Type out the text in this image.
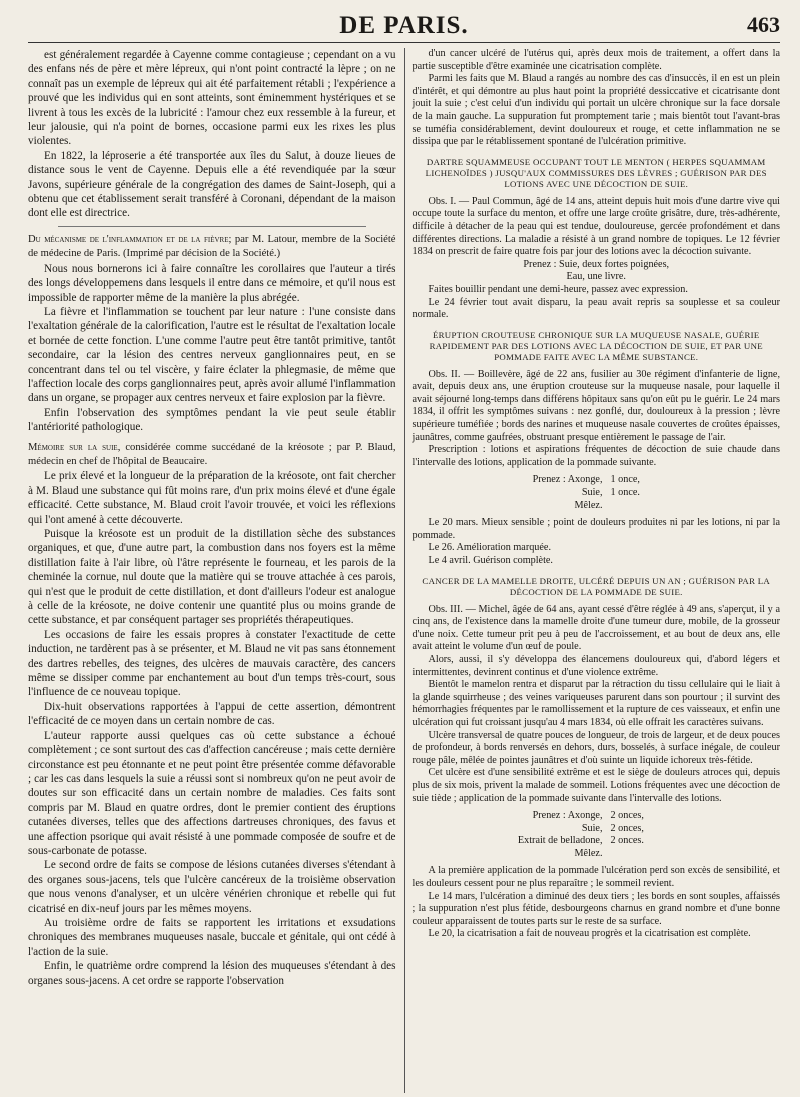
DE PARIS.	463

est généralement regardée à Cayenne comme contagieuse ; cependant on a vu des enfans nés de père et mère lépreux, qui n'ont point contracté la lèpre ; on ne connaît pas un exemple de lépreux qui ait été parfaitement rétabli ; l'expérience a prouvé que les individus qui en sont atteints, sont éminemment hystériques et se livrent à tous les excès de la lubricité : l'amour chez eux ressemble à la fureur, et leur jalousie, qui n'a point de bornes, occasione parmi eux les rixes les plus violentes.

En 1822, la léproserie a été transportée aux îles du Salut, à douze lieues de distance sous le vent de Cayenne. Depuis elle a été revendiquée par la sœur Javons, supérieure générale de la congrégation des dames de Saint-Joseph, qui a obtenu que cet établissement serait transféré à Coronani, dépendant de la maison dont elle est directrice.

Du mécanisme de l'inflammation et de la fièvre; par M. Latour, membre de la Société de médecine de Paris. (Imprimé par décision de la Société.)

Nous nous bornerons ici à faire connaître les corollaires que l'auteur a tirés des longs développemens dans lesquels il entre dans ce mémoire, et qu'il nous est impossible de rapporter même de la manière la plus abrégée.

La fièvre et l'inflammation se touchent par leur nature : l'une consiste dans l'exaltation générale de la calorification, l'autre est le résultat de l'exaltation locale et bornée de cette fonction. L'une comme l'autre peut être tantôt primitive, tantôt secondaire, car la lésion des centres nerveux ganglionnaires peut, en se concentrant dans tel ou tel viscère, y faire éclater la phlegmasie, de même que l'affection locale des corps ganglionnaires peut, après avoir allumé l'inflammation dans un organe, se propager aux centres nerveux et faire explosion par la fièvre.

Enfin l'observation des symptômes pendant la vie peut seule établir l'antériorité pathologique.

Mémoire sur la suie, considérée comme succédané de la kréosote ; par P. Blaud, médecin en chef de l'hôpital de Beaucaire.

Le prix élevé et la longueur de la préparation de la kréosote, ont fait chercher à M. Blaud une substance qui fût moins rare, d'un prix moins élevé et d'une égale efficacité. Cette substance, M. Blaud croit l'avoir trouvée, et voici les réflexions qui l'ont amené à cette découverte.

Puisque la kréosote est un produit de la distillation sèche des substances organiques, et que, d'une autre part, la combustion dans nos foyers est la même distillation faite à l'air libre, où l'âtre représente le fourneau, et les parois de la cheminée la cornue, nul doute que la matière qui se trouve attachée à ces parois, qui n'est que le produit de cette distillation, et dont d'ailleurs l'odeur est analogue à celle de la kréosote, ne doive contenir une quantité plus ou moins grande de cette substance, et par conséquent partager ses propriétés thérapeutiques.

Les occasions de faire les essais propres à constater l'exactitude de cette induction, ne tardèrent pas à se présenter, et M. Blaud ne vit pas sans étonnement des dartres rebelles, des teignes, des ulcères de mauvais caractère, des cancers même se dissiper comme par enchantement au bout d'un temps très-court, sous l'influence de ce nouveau topique.

Dix-huit observations rapportées à l'appui de cette assertion, démontrent l'efficacité de ce moyen dans un certain nombre de cas.

L'auteur rapporte aussi quelques cas où cette substance a échoué complètement ; ce sont surtout des cas d'affection cancéreuse ; mais cette dernière circonstance est peu étonnante et ne peut point être présentée comme défavorable ; car les cas dans lesquels la suie a réussi sont si nombreux qu'on ne peut avoir de doutes sur son efficacité dans un certain nombre de maladies. Ces faits sont compris par M. Blaud en quatre ordres, dont le premier contient des éruptions cutanées diverses, telles que des affections dartreuses chroniques, des favus et une affection psorique qui avait résisté à une pommade composée de soufre et de sous-carbonate de potasse.

Le second ordre de faits se compose de lésions cutanées diverses s'étendant à des organes sous-jacens, tels que l'ulcère cancéreux de la troisième observation que nous venons d'analyser, et un ulcère vénérien chronique et rebelle qui fut cicatrisé en dix-neuf jours par les mêmes moyens.

Au troisième ordre de faits se rapportent les irritations et exsudations chroniques des membranes muqueuses nasale, buccale et génitale, qui ont cédé à l'action de la suie.

Enfin, le quatrième ordre comprend la lésion des muqueuses s'étendant à des organes sous-jacens. A cet ordre se rapporte l'observation

d'un cancer ulcéré de l'utérus qui, après deux mois de traitement, a offert dans la partie susceptible d'être examinée une cicatrisation complète.

Parmi les faits que M. Blaud a rangés au nombre des cas d'insuccès, il en est un plein d'intérêt, et qui démontre au plus haut point la propriété dessiccative et cicatrisante dont jouit la suie ; c'est celui d'un individu qui portait un ulcère chronique sur la face dorsale de la main gauche. La suppuration fut promptement tarie ; mais bientôt tout l'avant-bras se tuméfia considérablement, devint douloureux et rouge, et cette inflammation ne se dissipa que par le rétablissement spontané de l'ulcération primitive.

DARTRE SQUAMMEUSE OCCUPANT TOUT LE MENTON ( HERPES SQUAMMAM LICHENOÏDES ) JUSQU'AUX COMMISSURES DES LÈVRES ; GUÉRISON PAR DES LOTIONS AVEC UNE DÉCOCTION DE SUIE.

Obs. I. — Paul Commun, âgé de 14 ans, atteint depuis huit mois d'une dartre vive qui occupe toute la surface du menton, et offre une large croûte grisâtre, dure, très-adhérente, difficile à détacher de la peau qui est tendue, douloureuse, gercée profondément et dans différentes directions. La maladie a résisté à un grand nombre de topiques. Le 12 février 1834 on prescrit de faire quatre fois par jour des lotions avec la décoction suivante.

Prenez : Suie, deux fortes poignées,

Eau, une livre.

Faites bouillir pendant une demi-heure, passez avec expression.

Le 24 février tout avait disparu, la peau avait repris sa souplesse et sa couleur normale.

ÉRUPTION CROUTEUSE CHRONIQUE SUR LA MUQUEUSE NASALE, GUÉRIE RAPIDEMENT PAR DES LOTIONS AVEC LA DÉCOCTION DE SUIE, ET PAR UNE POMMADE FAITE AVEC LA MÊME SUBSTANCE.

Obs. II. — Boillevère, âgé de 22 ans, fusilier au 30e régiment d'infanterie de ligne, avait, depuis deux ans, une éruption crouteuse sur la muqueuse nasale, pour laquelle il avait séjourné long-temps dans différens hôpitaux sans qu'on eût pu le guérir. Le 24 mars 1834, il offrit les symptômes suivans : nez gonflé, dur, douloureux à la pression ; lèvre supérieure tuméfiée ; bords des narines et muqueuse nasale couvertes de croûtes épaisses, jaunâtres, comme gaufrées, obstruant presque entièrement le passage de l'air.

Prescription : lotions et aspirations fréquentes de décoction de suie chaude dans l'intervalle des lotions, application de la pommade suivante.

Prenez : Axonge, 1 once,
Suie, 1 once.
Mêlez.

Le 20 mars. Mieux sensible ; point de douleurs produites ni par les lotions, ni par la pommade.

Le 26. Amélioration marquée.

Le 4 avril. Guérison complète.

CANCER DE LA MAMELLE DROITE, ULCÉRÉ DEPUIS UN AN ; GUÉRISON PAR LA DÉCOCTION DE LA POMMADE DE SUIE.

Obs. III. — Michel, âgée de 64 ans, ayant cessé d'être réglée à 49 ans, s'aperçut, il y a cinq ans, de l'existence dans la mamelle droite d'une tumeur dure, mobile, de la grosseur d'une noix. Cette tumeur prit peu à peu de l'accroissement, et au bout de deux ans, elle avait atteint le volume d'un œuf de poule.

Alors, aussi, il s'y développa des élancemens douloureux qui, d'abord légers et intermittentes, devinrent continus et d'une violence extrême.

Bientôt le mamelon rentra et disparut par la rétraction du tissu cellulaire qui le liait à la glande squirrheuse ; des veines variqueuses parurent dans son pourtour ; il survint des hémorrhagies fréquentes par le ramollissement et la rupture de ces vaisseaux, et enfin une ulcération qui fut croissant jusqu'au 4 mars 1834, où elle offrait les caractères suivans.

Ulcère transversal de quatre pouces de longueur, de trois de largeur, et de deux pouces de profondeur, à bords renversés en dehors, durs, bosselés, à surface inégale, de couleur rouge pâle, mêlée de pointes jaunâtres et d'où suinte un liquide ichoreux très-fétide.

Cet ulcère est d'une sensibilité extrême et est le siège de douleurs atroces qui, depuis plus de six mois, privent la malade de sommeil. Lotions fréquentes avec une décoction de suie tiède ; application de la pommade suivante dans l'intervalle des lotions.

Prenez : Axonge, 2 onces,
Suie, 2 onces,
Extrait de belladone, 2 onces.
Mêlez.

A la première application de la pommade l'ulcération perd son excès de sensibilité, et les douleurs cessent pour ne plus reparaître ; le sommeil revient.

Le 14 mars, l'ulcération a diminué des deux tiers ; les bords en sont souples, affaissés ; la suppuration n'est plus fétide, desbourgeons charnus en grand nombre et d'une bonne couleur apparaissent de toutes parts sur le reste de sa surface.

Le 20, la cicatrisation a fait de nouveau progrès et la cicatrisation est complète.
